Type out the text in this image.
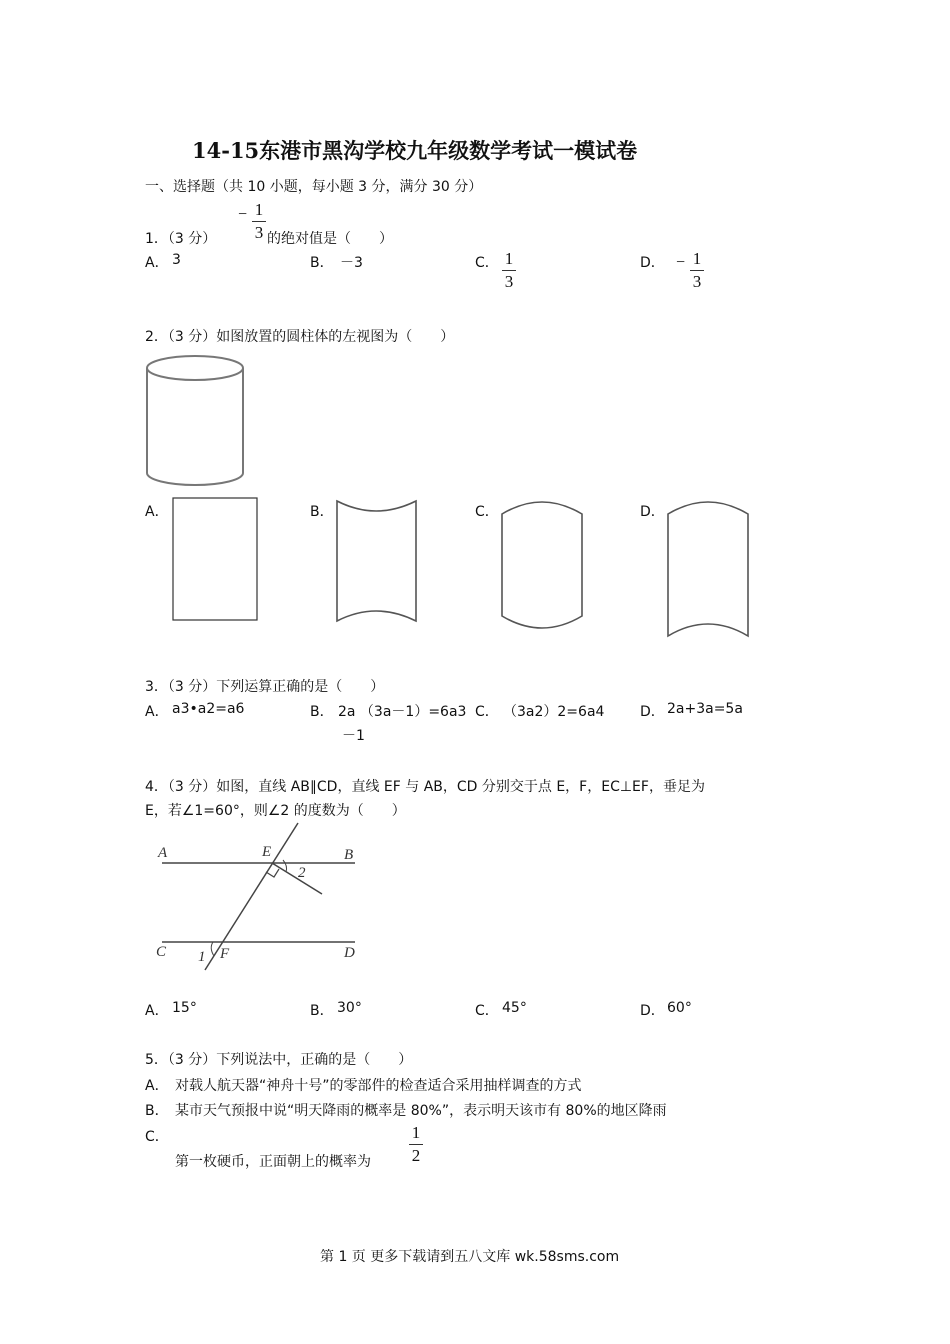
14-15东港市黑沟学校九年级数学考试一模试卷
一、选择题（共 10 小题，每小题 3 分，满分 30 分）
1．（3 分）
− 1
3 的绝对值是（　　）
A． 3	B． －3	C． 1
3
D． − 1
3
2．（3 分）如图放置的圆柱体的左视图为（　　）
A．	B．	C．	D．
3．（3 分）下列运算正确的是（　　）
A． a3•a2=a6	B． 2a （3a－1）=6a3
－1
C． （3a2）2=6a4	D． 2a+3a=5a
4．（3 分）如图，直线 AB∥CD，直线 EF 与 AB，CD 分别交于点 E，F，EC⊥EF，垂足为
E，若∠1=60°，则∠2 的度数为（　　）
A	E	B
2
C 1 F	D
A． 15°	B． 30°	C． 45°	D． 60°
5．（3 分）下列说法中，正确的是（　　）
A． 对载人航天器“神舟十号”的零部件的检查适合采用抽样调查的方式
B． 某市天气预报中说“明天降雨的概率是 80%”，表示明天该市有 80%的地区降雨
C．
第一枚硬币，正面朝上的概率为
1
2
第 1 页 更多下载请到五八文库 wk.58sms.com
